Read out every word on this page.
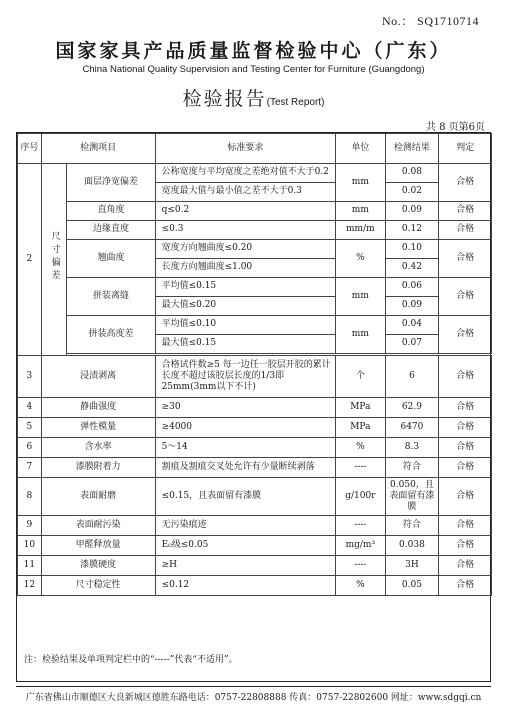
No.： SQ1710714
国家家具产品质量监督检验中心（广东）
China National Quality Supervision and Testing Center for Furniture (Guangdong)
检验报告(Test Report)
共 8 页第6页
序号	检测项目		标准要求	单位	检测结果	判定
2	尺寸偏差	面层净宽偏差	公称宽度与平均宽度之差绝对值不大于0.2	mm	0.08	合格
			宽度最大值与最小值之差不大于0.3		0.02	
		直角度	q≤0.2	mm	0.09	合格
		边缘直度	≤0.3	mm/m	0.12	合格
		翘曲度	宽度方向翘曲度≤0.20	%	0.10	合格
			长度方向翘曲度≤1.00		0.42	
		拼装离缝	平均值≤0.15	mm	0.06	合格
			最大值≤0.20		0.09	
		拼装高度差	平均值≤0.10	mm	0.04	合格
			最大值≤0.15		0.07	

3	浸渍剥离		合格试件数≥5 每一边任一胶层开胶的累计长度不超过该胶层长度的1/3即25mm(3mm以下不计)	个	6	合格
4	静曲强度		≥30	MPa	62.9	合格
5	弹性模量		≥4000	MPa	6470	合格
6	含水率		5～14	%	8.3	合格
7	漆膜附着力		割痕及割痕交叉处允许有少量断续剥落	----	符合	合格
8	表面耐磨		≤0.15，且表面留有漆膜	g/100r	0.050，且表面留有漆膜	合格
9	表面耐污染		无污染痕迹	----	符合	合格
10	甲醛释放量		E₀级≤0.05	mg/m³	0.038	合格
11	漆膜硬度		≥H	----	3H	合格
12	尺寸稳定性		≤0.12	%	0.05	合格
注：检验结果及单项判定栏中的“-----”代表“不适用”。
广东省佛山市顺德区大良新城区德胜东路电话：0757-22808888 传真：0757-22802600 网址：www.sdgqi.cn
